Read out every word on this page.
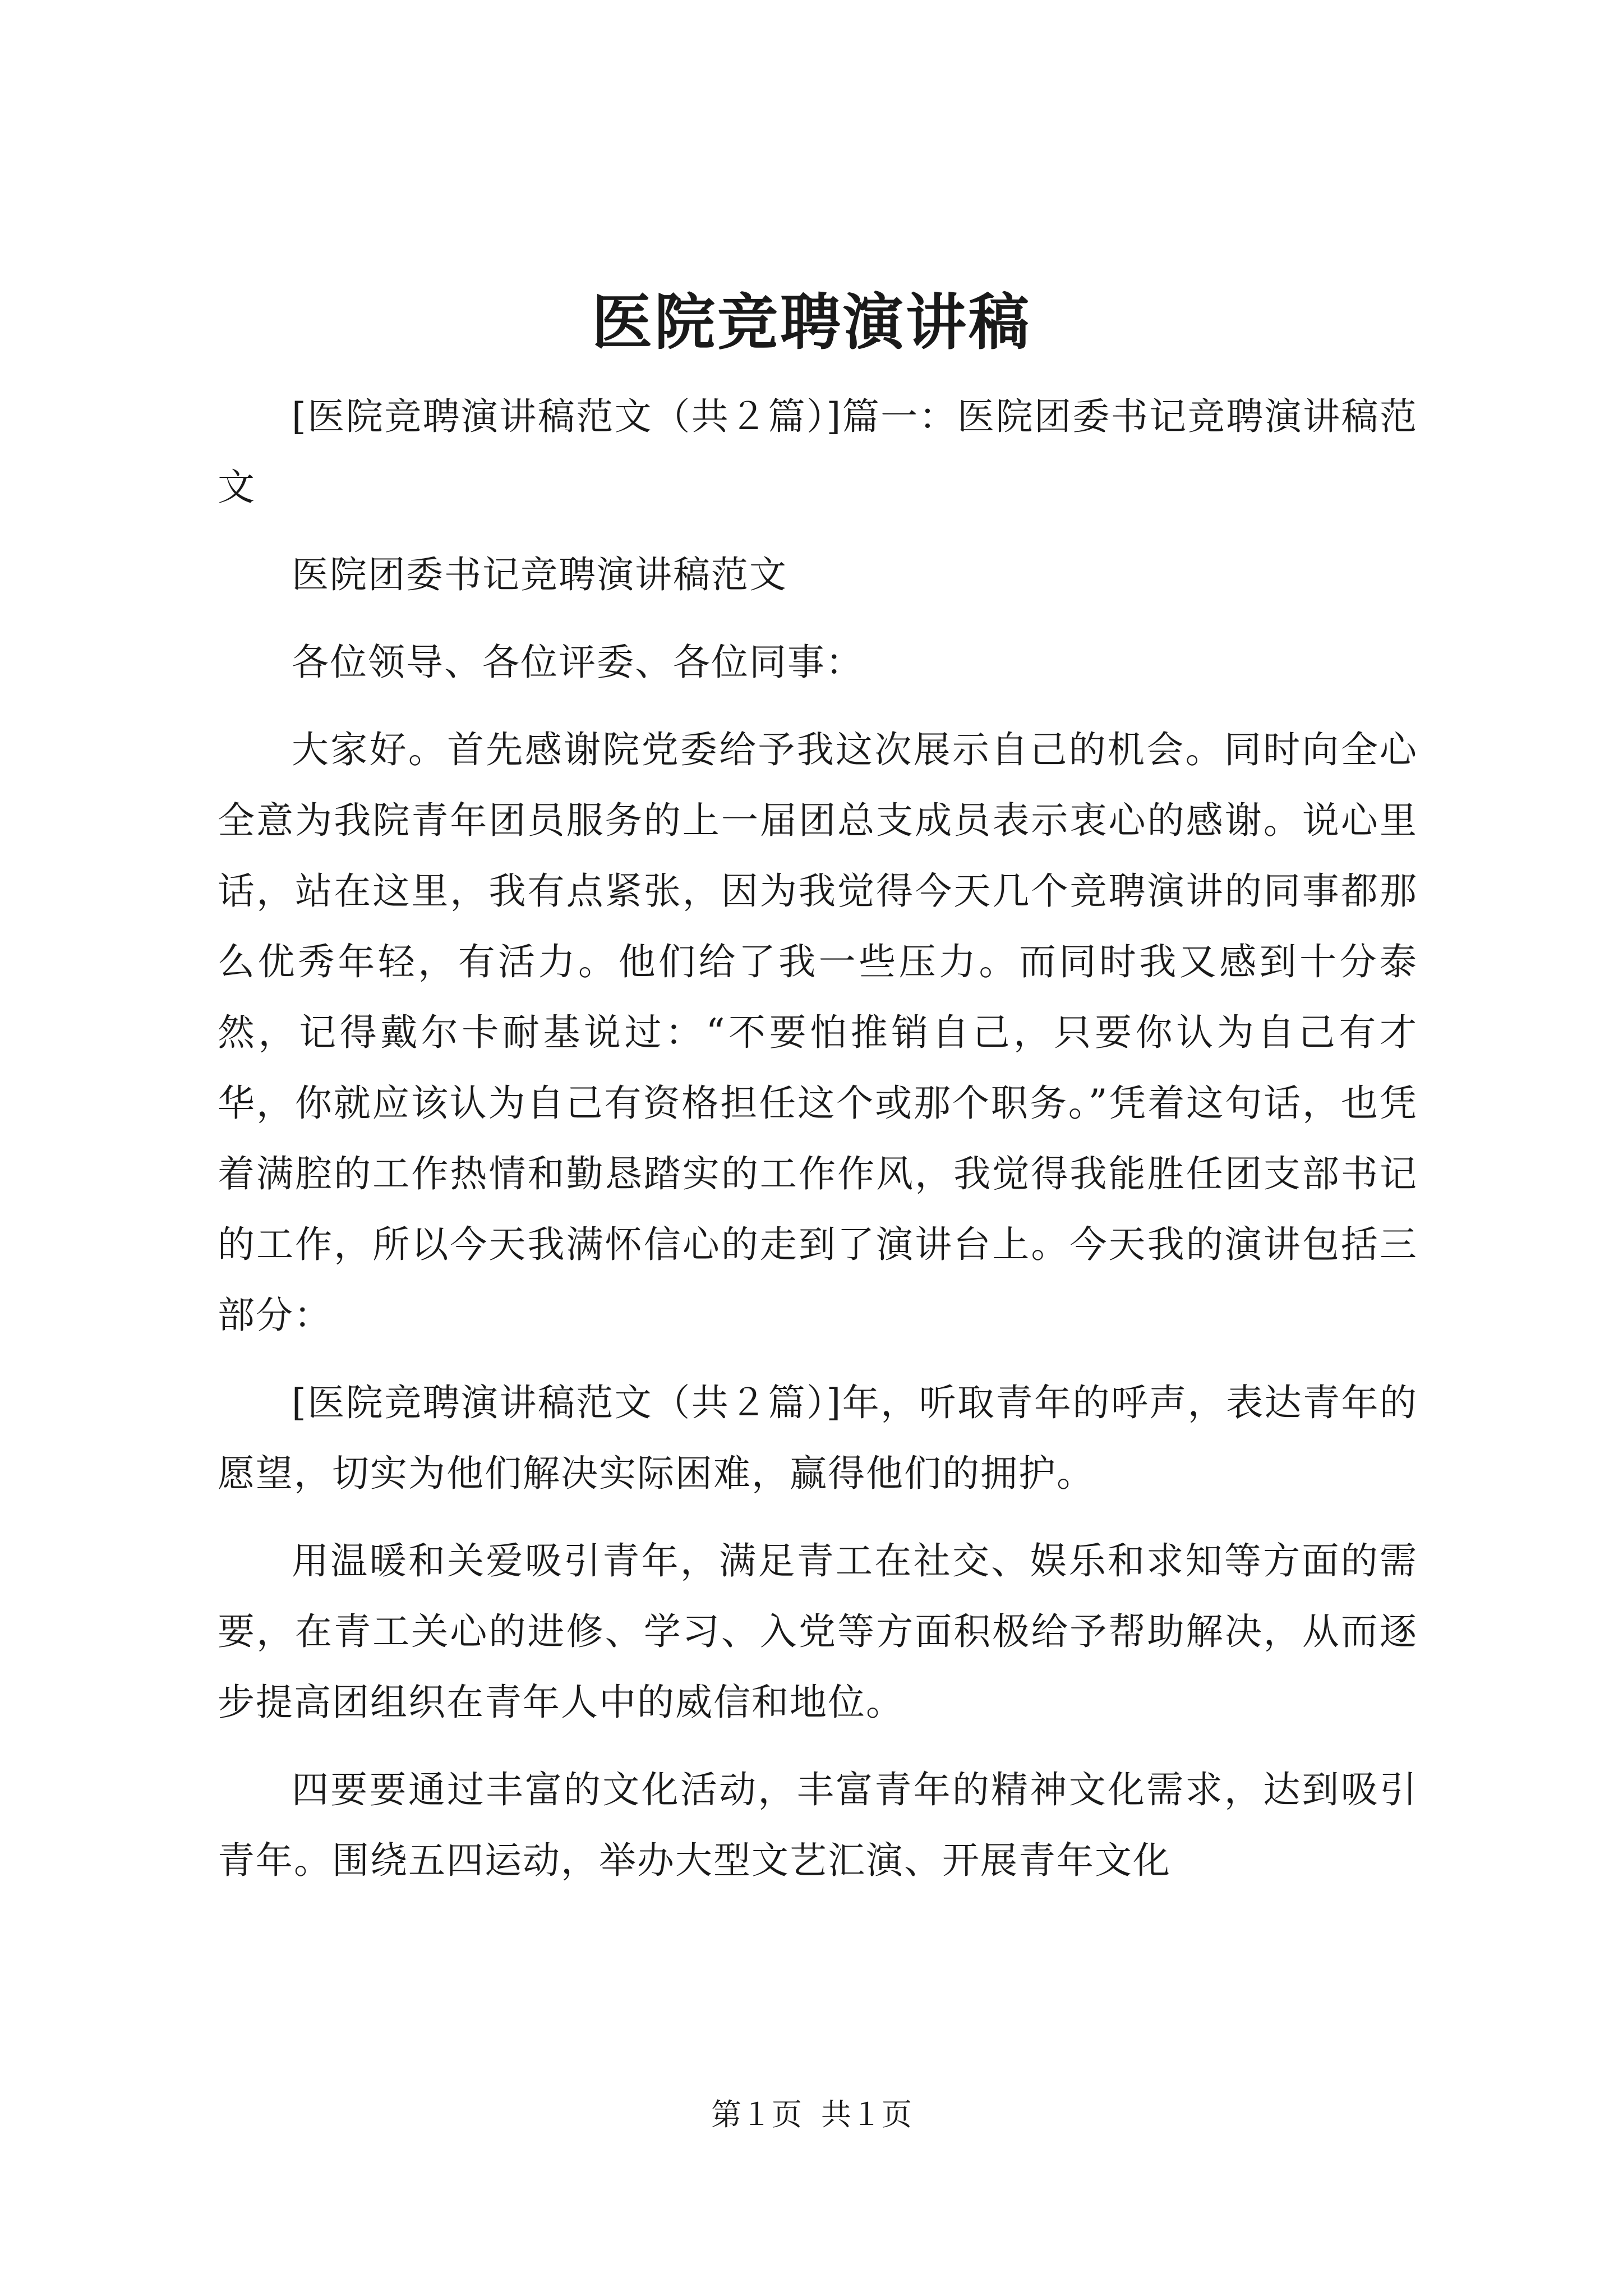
医院竞聘演讲稿

[医院竞聘演讲稿范文（共２篇）]篇一：医院团委书记竞聘演讲稿范文

医院团委书记竞聘演讲稿范文

各位领导、各位评委、各位同事：

大家好。首先感谢院党委给予我这次展示自己的机会。同时向全心全意为我院青年团员服务的上一届团总支成员表示衷心的感谢。说心里话，站在这里，我有点紧张，因为我觉得今天几个竞聘演讲的同事都那么优秀年轻，有活力。他们给了我一些压力。而同时我又感到十分泰然，记得戴尔卡耐基说过：“不要怕推销自己，只要你认为自己有才华，你就应该认为自己有资格担任这个或那个职务。”凭着这句话，也凭着满腔的工作热情和勤恳踏实的工作作风，我觉得我能胜任团支部书记的工作，所以今天我满怀信心的走到了演讲台上。今天我的演讲包括三部分：

[医院竞聘演讲稿范文（共２篇）]年，听取青年的呼声，表达青年的愿望，切实为他们解决实际困难，赢得他们的拥护。

用温暖和关爱吸引青年，满足青工在社交、娱乐和求知等方面的需要，在青工关心的进修、学习、入党等方面积极给予帮助解决，从而逐步提高团组织在青年人中的威信和地位。

四要要通过丰富的文化活动，丰富青年的精神文化需求，达到吸引青年。围绕五四运动，举办大型文艺汇演、开展青年文化

第１页 共１页
